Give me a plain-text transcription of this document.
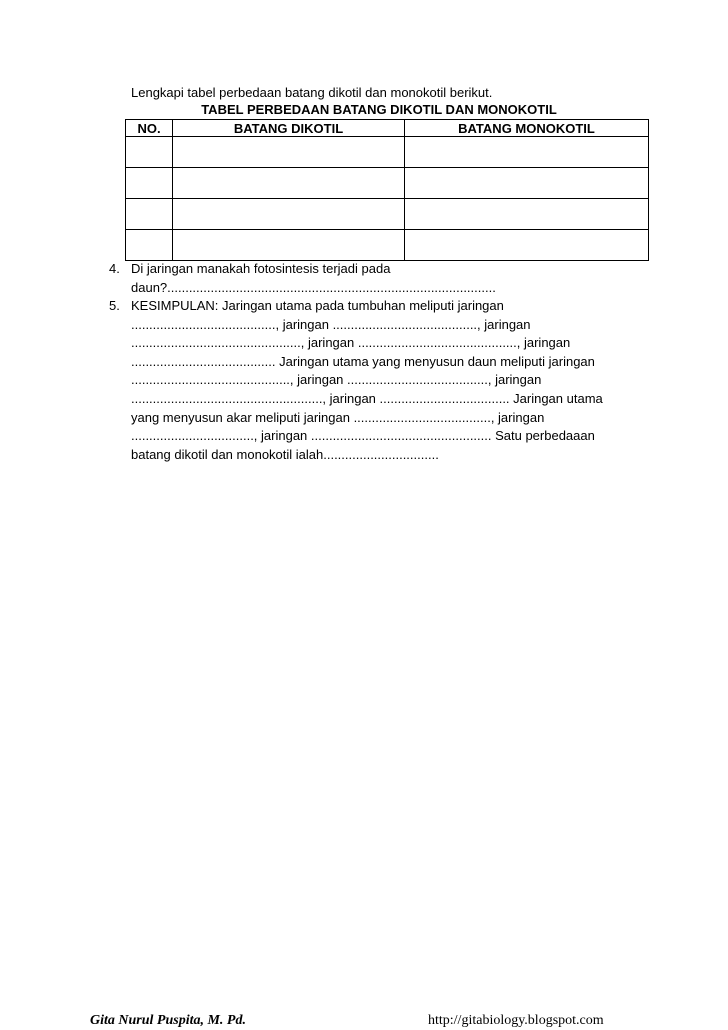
Lengkapi tabel perbedaan batang dikotil dan monokotil berikut.
TABEL PERBEDAAN BATANG DIKOTIL DAN MONOKOTIL
NO.	BATANG DIKOTIL	BATANG MONOKOTIL

4. Di jaringan manakah fotosintesis terjadi pada
daun?...........................................................................................
5. KESIMPULAN: Jaringan utama pada tumbuhan meliputi jaringan
........................................, jaringan ........................................, jaringan
..............................................., jaringan ............................................, jaringan
........................................ Jaringan utama yang menyusun daun meliputi jaringan
............................................, jaringan ......................................., jaringan
....................................................., jaringan .................................... Jaringan utama
yang menyusun akar meliputi jaringan ......................................, jaringan
.................................., jaringan .................................................. Satu perbedaaan
batang dikotil dan monokotil ialah................................
Gita Nurul Puspita, M. Pd.	http://gitabiology.blogspot.com
